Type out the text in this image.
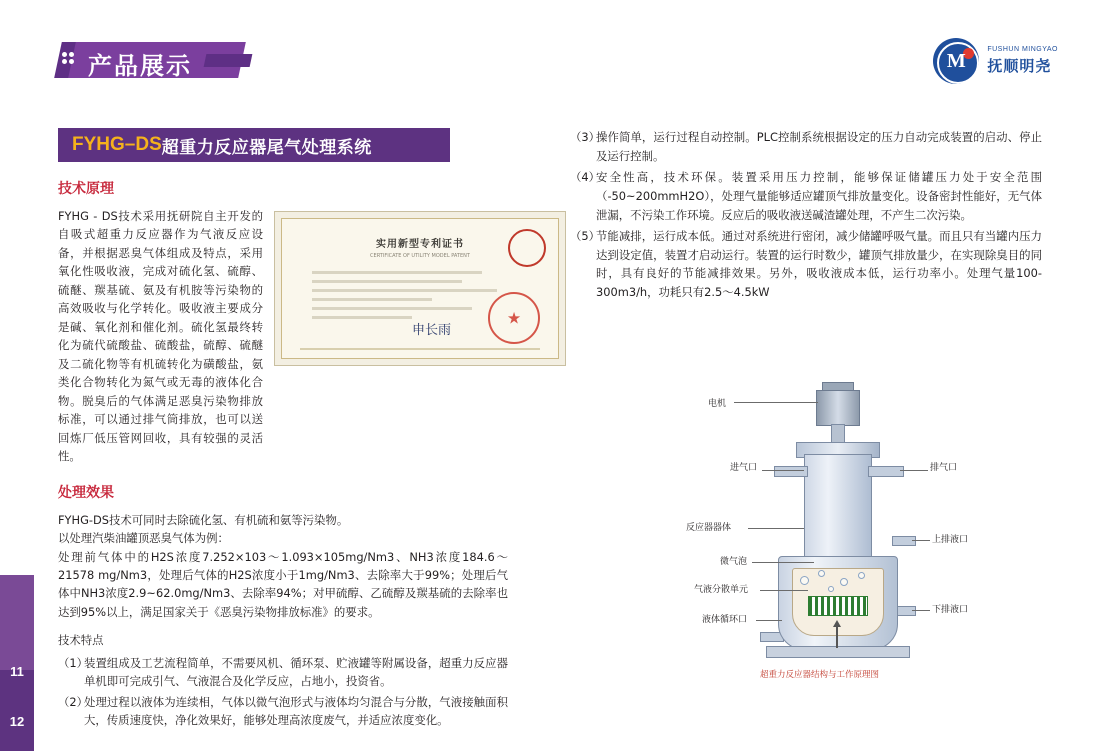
11
12
产品展示	M	FUSHUN MINGYAO
抚顺明尧
FYHG–DS 超重力反应器尾气处理系统
技术原理
实用新型专利证书
CERTIFICATE OF UTILITY MODEL PATENT
申长雨
★

FYHG - DS技术采用抚研院自主开发的自吸式超重力反应器作为气液反应设备，并根据恶臭气体组成及特点，采用氧化性吸收液，完成对硫化氢、硫醇、硫醚、羰基硫、氨及有机胺等污染物的高效吸收与化学转化。吸收液主要成分是碱、氧化剂和催化剂。硫化氢最终转化为硫代硫酸盐、硫酸盐，硫醇、硫醚及二硫化物等有机硫转化为磺酸盐，氨类化合物转化为氮气或无毒的液体化合物。脱臭后的气体满足恶臭污染物排放标准，可以通过排气筒排放，也可以送回炼厂低压管网回收，具有较强的灵活性。

处理效果

FYHG-DS技术可同时去除硫化氢、有机硫和氨等污染物。

以处理汽柴油罐顶恶臭气体为例：

处理前气体中的H2S浓度7.252×103～1.093×105mg/Nm3、NH3浓度184.6～21578 mg/Nm3，处理后气体的H2S浓度小于1mg/Nm3、去除率大于99%；处理后气体中NH3浓度2.9~62.0mg/Nm3、去除率94%；对甲硫醇、乙硫醇及羰基硫的去除率也达到95%以上，满足国家关于《恶臭污染物排放标准》的要求。

技术特点

（1）
装置组成及工艺流程简单，不需要风机、循环泵、贮液罐等附属设备，超重力反应器单机即可完成引气、气液混合及化学反应，占地小，投资省。
（2）
处理过程以液体为连续相，气体以微气泡形式与液体均匀混合与分散，气液接触面积大，传质速度快，净化效果好，能够处理高浓度废气，并适应浓度变化。
（3）
操作简单，运行过程自动控制。PLC控制系统根据设定的压力自动完成装置的启动、停止及运行控制。
（4）
安全性高，技术环保。装置采用压力控制，能够保证储罐压力处于安全范围（-50~200mmH2O），处理气量能够适应罐顶气排放量变化。设备密封性能好，无气体泄漏，不污染工作环境。反应后的吸收液送碱渣罐处理，不产生二次污染。
（5）
节能减排，运行成本低。通过对系统进行密闭，减少储罐呼吸气量。而且只有当罐内压力达到设定值，装置才启动运行。装置的运行时数少，罐顶气排放量少，在实现除臭目的同时，具有良好的节能减排效果。另外，吸收液成本低，运行功率小。处理气量100-300m3/h，功耗只有2.5～4.5kW
电机
进气口	排气口
反应器器体
上排液口
微气泡
气液分散单元
下排液口
液体循环口
超重力反应器结构与工作原理图
